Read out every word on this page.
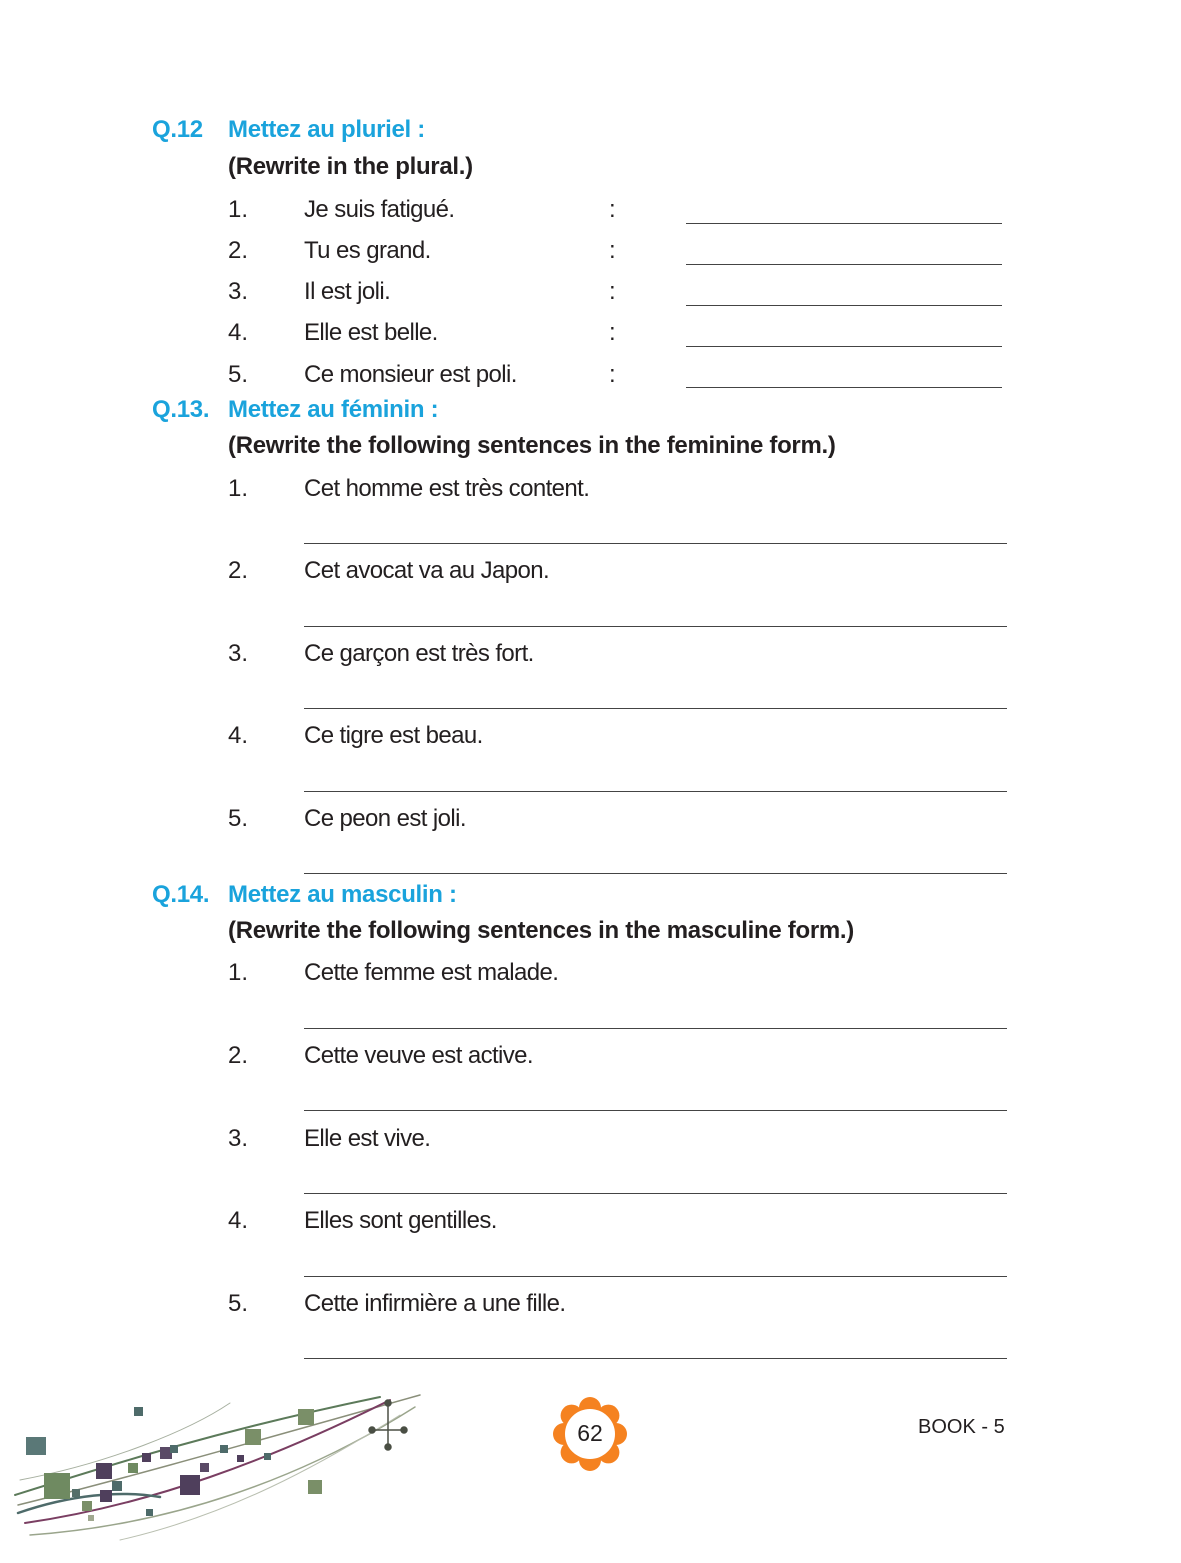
Q.12 Mettez au pluriel :
(Rewrite in the plural.)
1. Je suis fatigué.	:
2. Tu es grand.	:
3. Il est joli.	:
4. Elle est belle.	:
5. Ce monsieur est poli.	:
Q.13. Mettez au féminin :
(Rewrite the following sentences in the feminine form.)
1. Cet homme est très content.
2. Cet avocat va au Japon.
3. Ce garçon est très fort.
4. Ce tigre est beau.
5. Ce peon est joli.
Q.14. Mettez au masculin :
(Rewrite the following sentences in the masculine form.)
1. Cette femme est malade.
2. Cette veuve est active.
3. Elle est vive.
4. Elles sont gentilles.
5. Cette infirmière a une fille.
62	BOOK - 5
